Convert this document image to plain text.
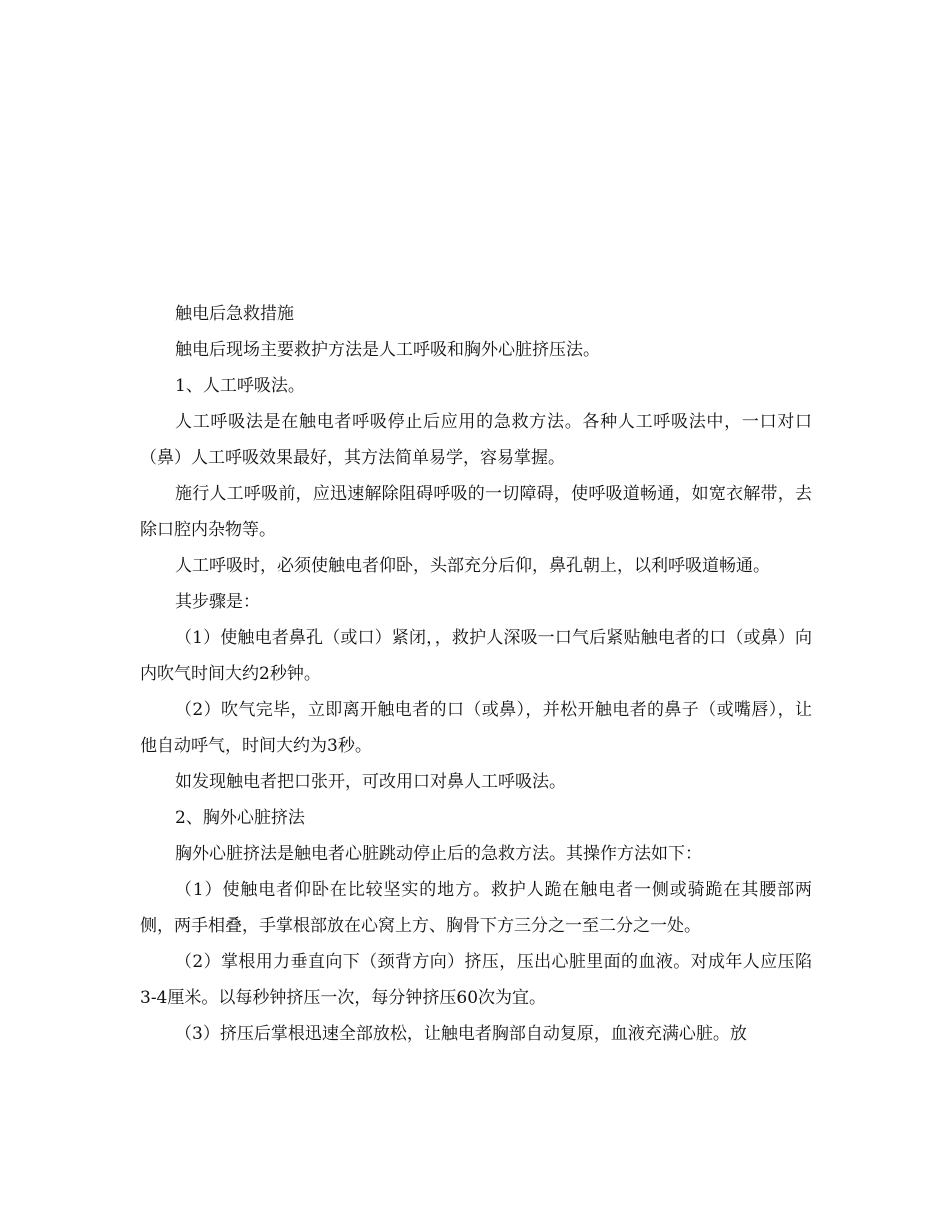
触电后急救措施

触电后现场主要救护方法是人工呼吸和胸外心脏挤压法。

1、人工呼吸法。

人工呼吸法是在触电者呼吸停止后应用的急救方法。各种人工呼吸法中，一口对口（鼻）人工呼吸效果最好，其方法简单易学，容易掌握。

施行人工呼吸前，应迅速解除阻碍呼吸的一切障碍，使呼吸道畅通，如宽衣解带，去除口腔内杂物等。

人工呼吸时，必须使触电者仰卧，头部充分后仰，鼻孔朝上，以利呼吸道畅通。

其步骤是：

（1）使触电者鼻孔（或口）紧闭，，救护人深吸一口气后紧贴触电者的口（或鼻）向内吹气时间大约2秒钟。

（2）吹气完毕，立即离开触电者的口（或鼻），并松开触电者的鼻子（或嘴唇），让他自动呼气，时间大约为3秒。

如发现触电者把口张开，可改用口对鼻人工呼吸法。

2、胸外心脏挤法

胸外心脏挤法是触电者心脏跳动停止后的急救方法。其操作方法如下：

（1）使触电者仰卧在比较坚实的地方。救护人跪在触电者一侧或骑跪在其腰部两侧，两手相叠，手掌根部放在心窝上方、胸骨下方三分之一至二分之一处。

（2）掌根用力垂直向下（颈背方向）挤压，压出心脏里面的血液。对成年人应压陷3-4厘米。以每秒钟挤压一次，每分钟挤压60次为宜。

（3）挤压后掌根迅速全部放松，让触电者胸部自动复原，血液充满心脏。放
